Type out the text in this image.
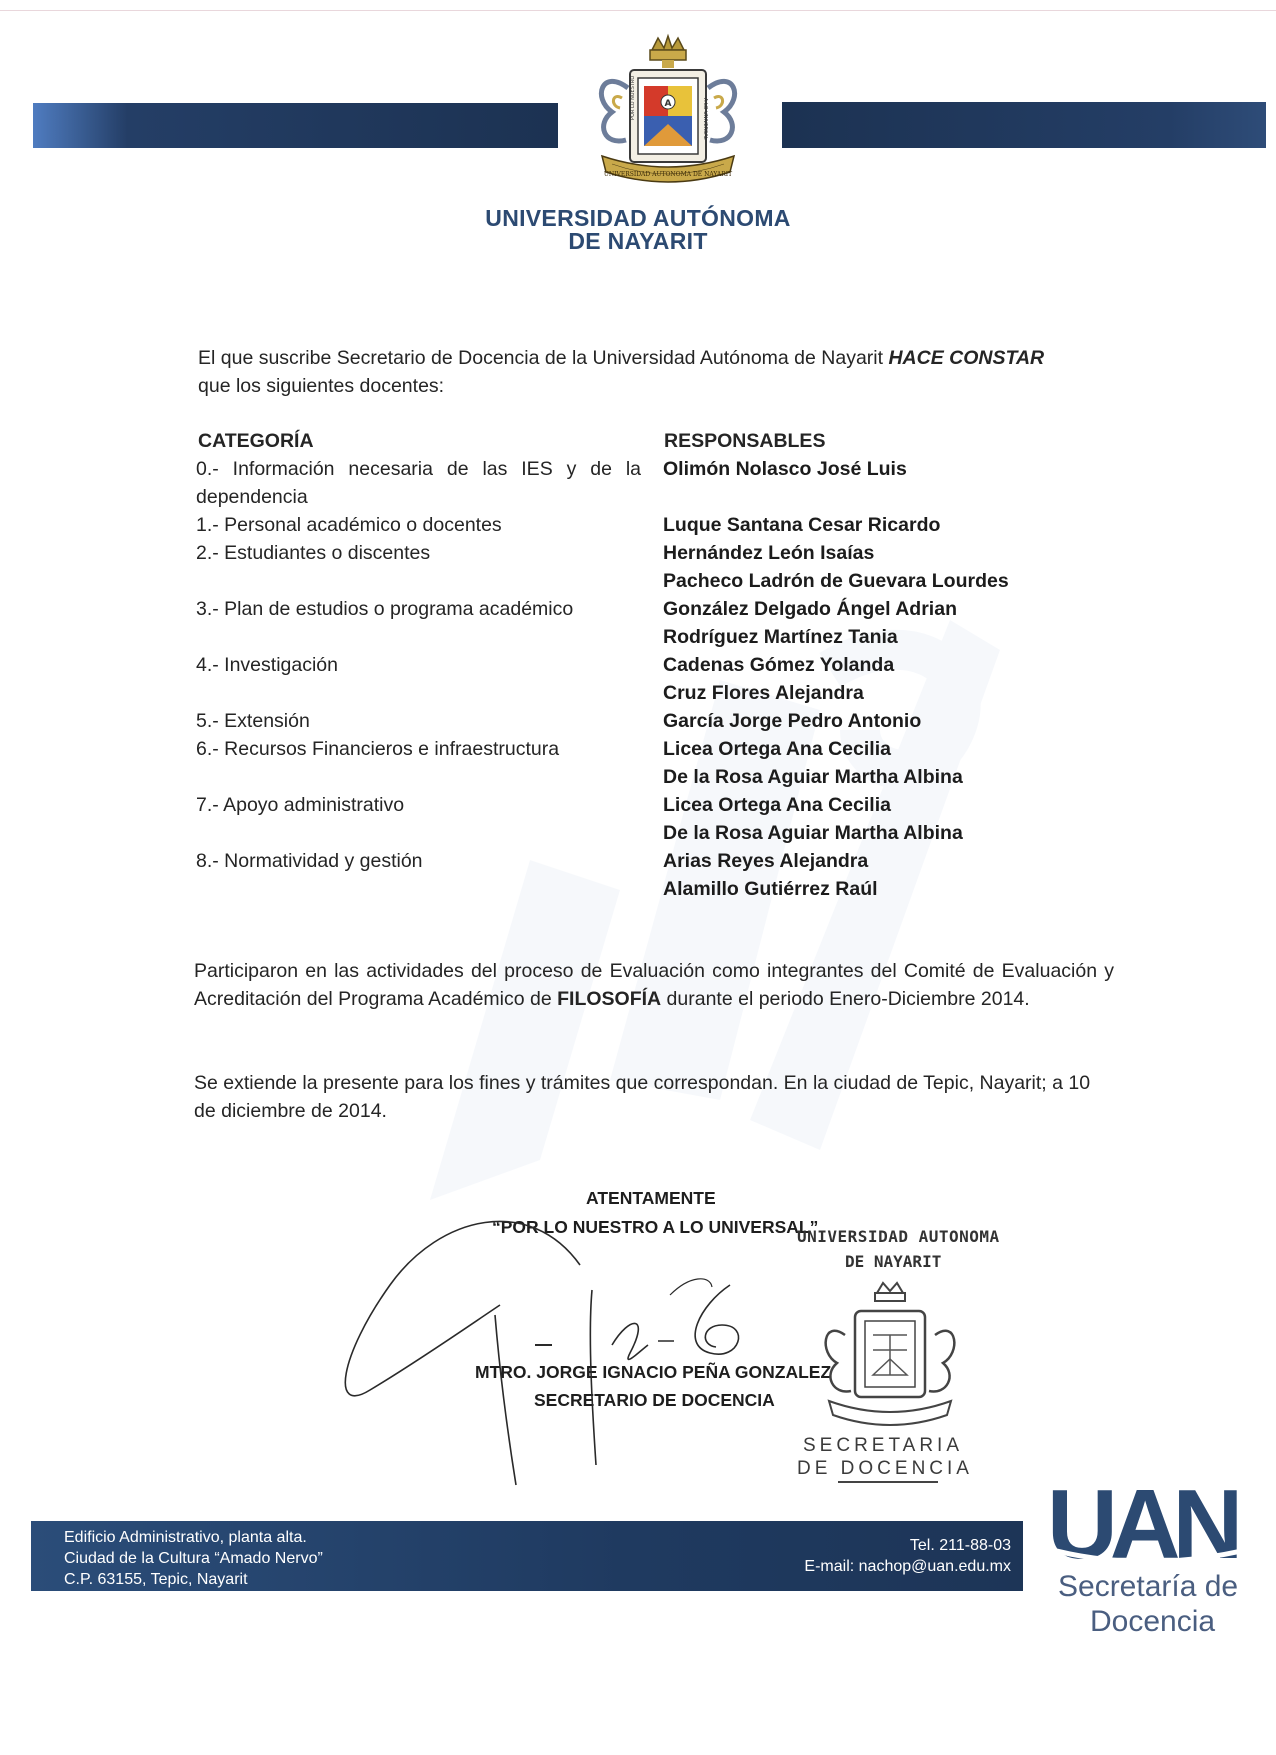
A
POR LO NUESTRO	A LO UNIVERSAL
UNIVERSIDAD AUTONOMA DE NAYARIT
UNIVERSIDAD AUTÓNOMA
DE NAYARIT
El que suscribe Secretario de Docencia de la Universidad Autónoma de Nayarit HACE CONSTAR
que los siguientes docentes:
CATEGORÍA	RESPONSABLES
0.- Información necesaria de las IES y de la dependencia
1.- Personal académico o docentes
2.- Estudiantes o discentes
3.- Plan de estudios o programa académico
4.- Investigación
5.- Extensión
6.- Recursos Financieros e infraestructura
7.- Apoyo administrativo
8.- Normatividad y gestión
Olimón Nolasco José Luis
Luque Santana Cesar Ricardo
Hernández León Isaías
Pacheco Ladrón de Guevara Lourdes
González Delgado Ángel Adrian
Rodríguez Martínez Tania
Cadenas Gómez Yolanda
Cruz Flores Alejandra
García Jorge Pedro Antonio
Licea Ortega Ana Cecilia
De la Rosa Aguiar Martha Albina
Licea Ortega Ana Cecilia
De la Rosa Aguiar Martha Albina
Arias Reyes Alejandra
Alamillo Gutiérrez Raúl
Participaron en las actividades del proceso de Evaluación como integrantes del Comité de Evaluación y Acreditación del Programa Académico de FILOSOFÍA durante el periodo Enero-Diciembre 2014.
Se extiende la presente para los fines y trámites que correspondan. En la ciudad de Tepic, Nayarit; a 10 de diciembre de 2014.
ATENTAMENTE
“POR LO NUESTRO A LO UNIVERSAL”
MTRO. JORGE IGNACIO PEÑA GONZALEZ
SECRETARIO DE DOCENCIA
UNIVERSIDAD AUTONOMA
DE NAYARIT
SECRETARIA
DE DOCENCIA
Edificio Administrativo, planta alta.
Ciudad de la Cultura “Amado Nervo”
C.P. 63155, Tepic, Nayarit
Tel. 211-88-03
E-mail: nachop@uan.edu.mx UAN
Secretaría de
Docencia
